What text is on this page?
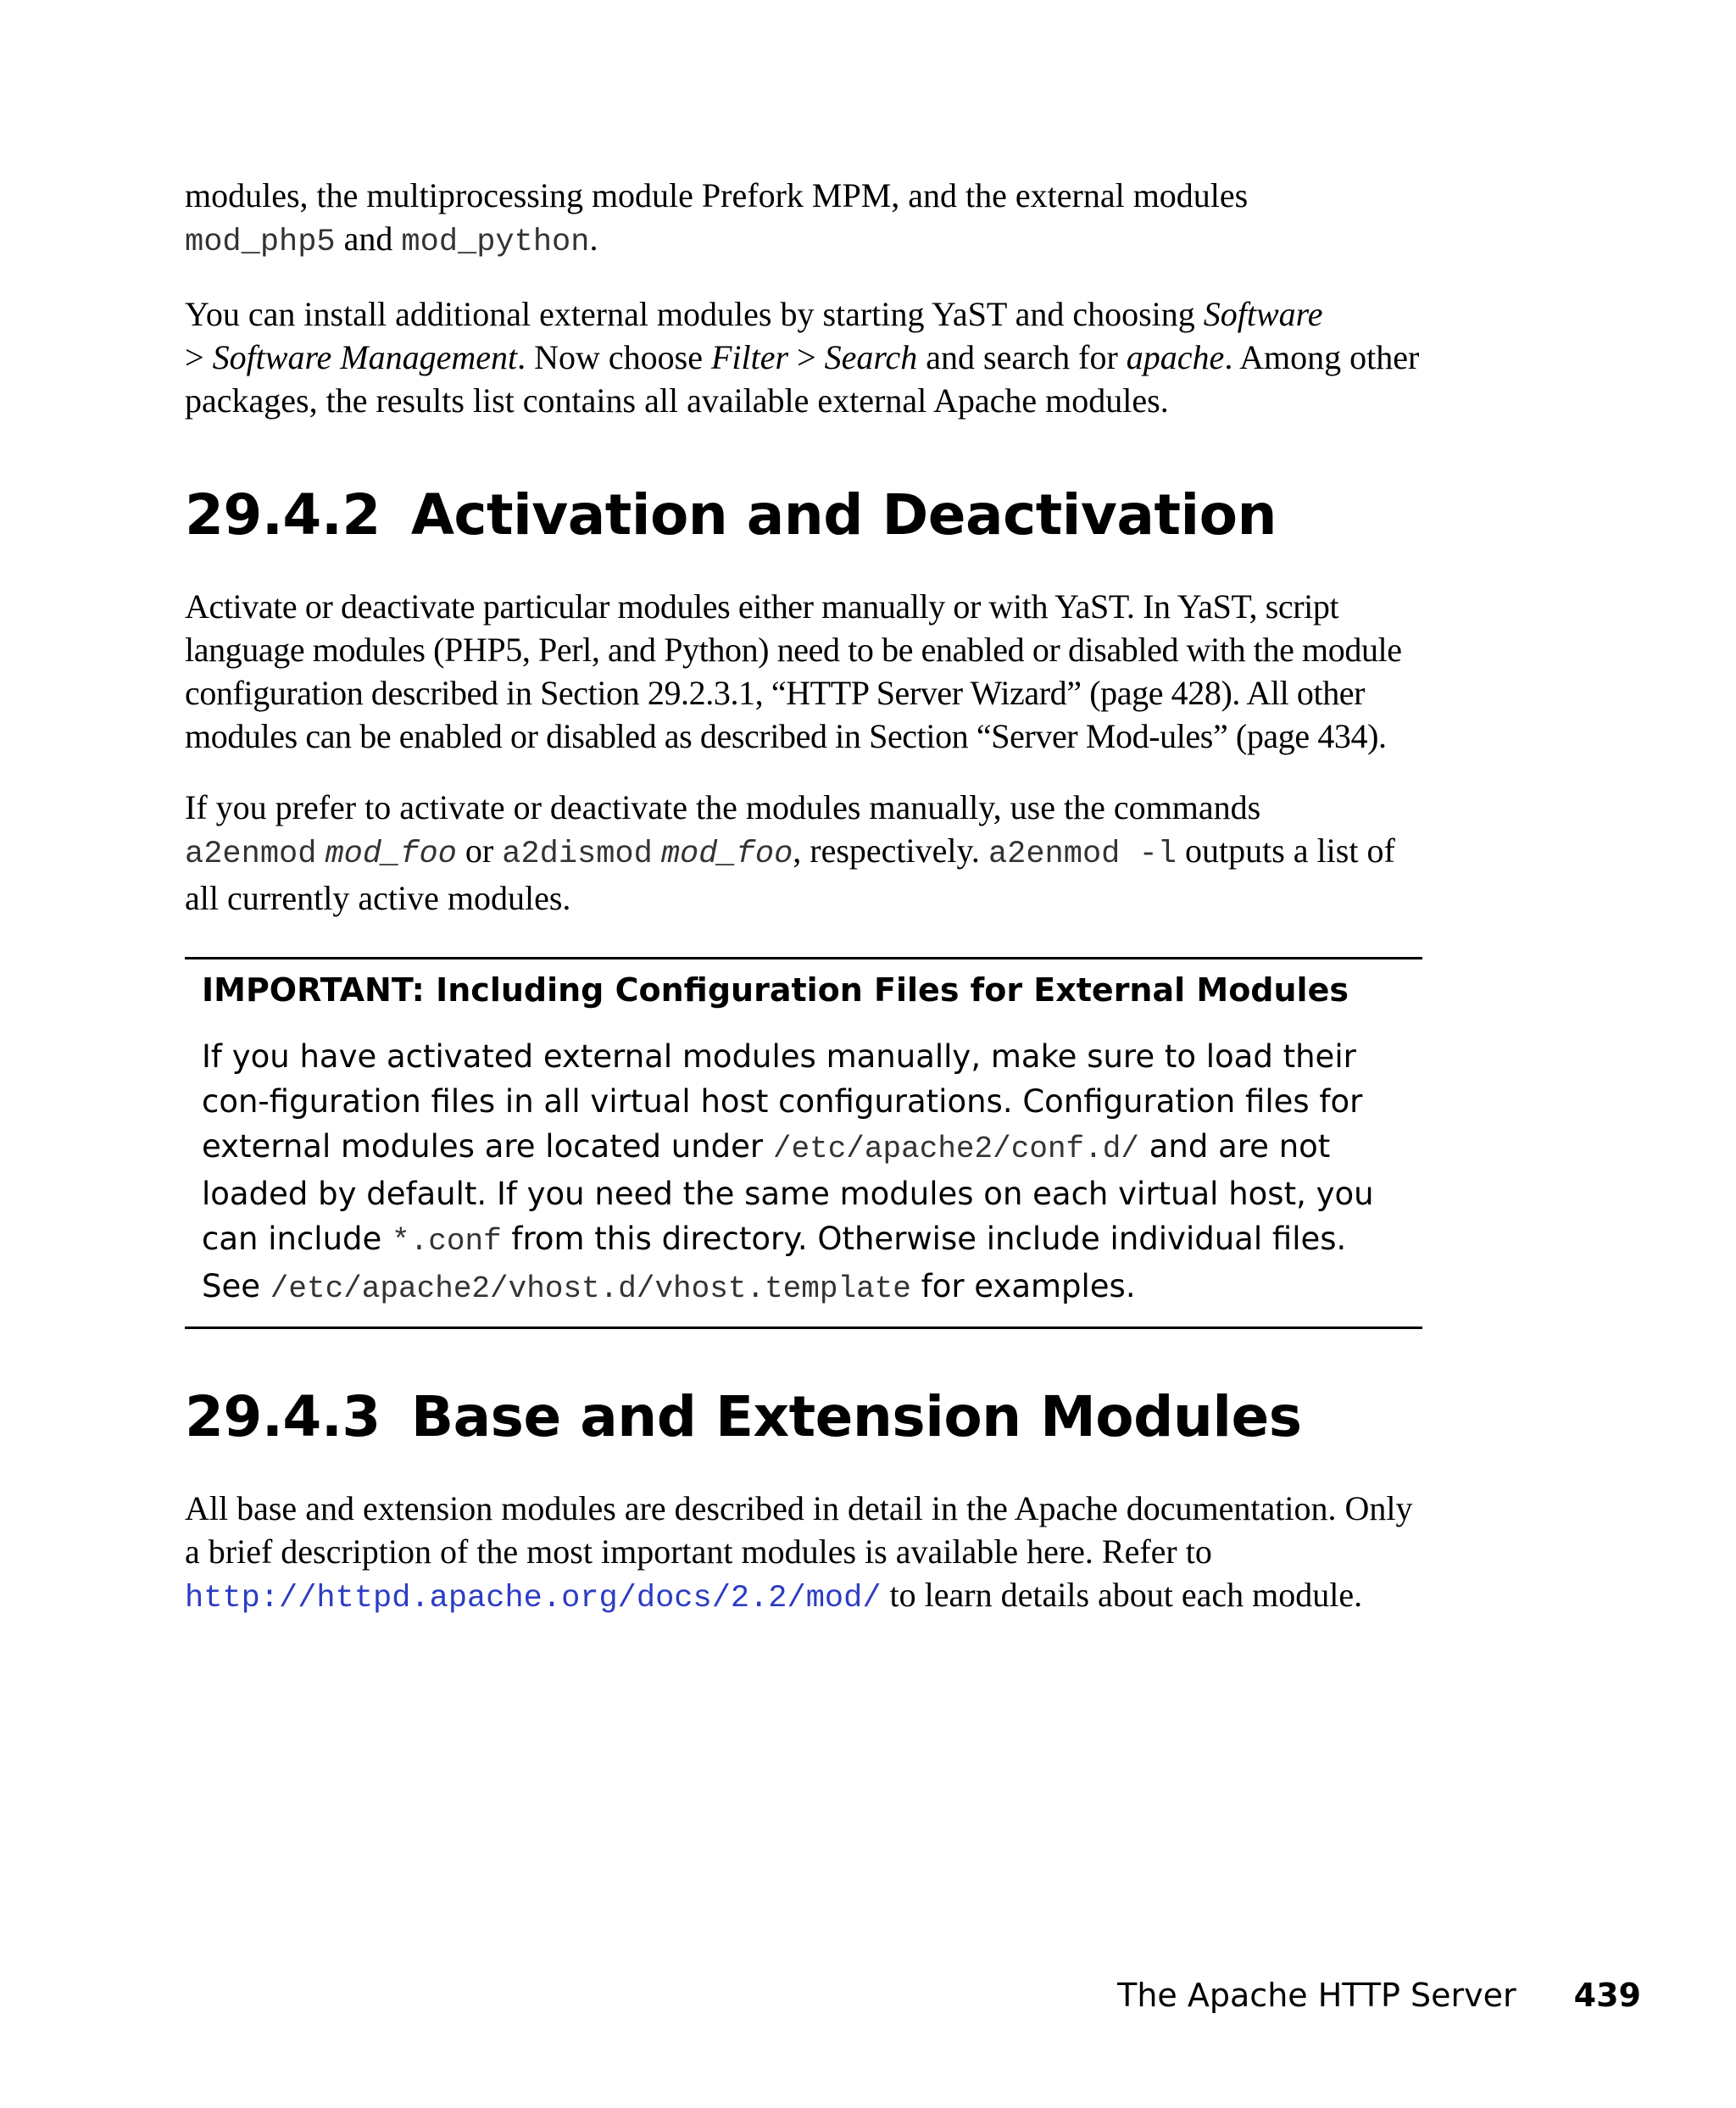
modules, the multiprocessing module Prefork MPM, and the external modules
mod_php5 and mod_python.

You can install additional external modules by starting YaST and choosing Software
> Software Management. Now choose Filter > Search and search for apache. Among other packages, the results list contains all available external Apache modules.

29.4.2 Activation and Deactivation

Activate or deactivate particular modules either manually or with YaST. In YaST, script language modules (PHP5, Perl, and Python) need to be enabled or disabled with the module configuration described in Section 29.2.3.1, “HTTP Server Wizard” (page 428). All other modules can be enabled or disabled as described in Section “Server Mod-ules” (page 434).

If you prefer to activate or deactivate the modules manually, use the commands
a2enmod mod_foo or a2dismod mod_foo, respectively. a2enmod -l outputs a list of all currently active modules.

IMPORTANT: Including Configuration Files for External Modules

If you have activated external modules manually, make sure to load their con-figuration files in all virtual host configurations. Configuration files for external modules are located under /etc/apache2/conf.d/ and are not loaded by default. If you need the same modules on each virtual host, you can include *.conf from this directory. Otherwise include individual files. See /etc/apache2/vhost.d/vhost.template for examples.

29.4.3 Base and Extension Modules

All base and extension modules are described in detail in the Apache documentation. Only a brief description of the most important modules is available here. Refer to
http://httpd.apache.org/docs/2.2/mod/ to learn details about each module.

The Apache HTTP Server 439
